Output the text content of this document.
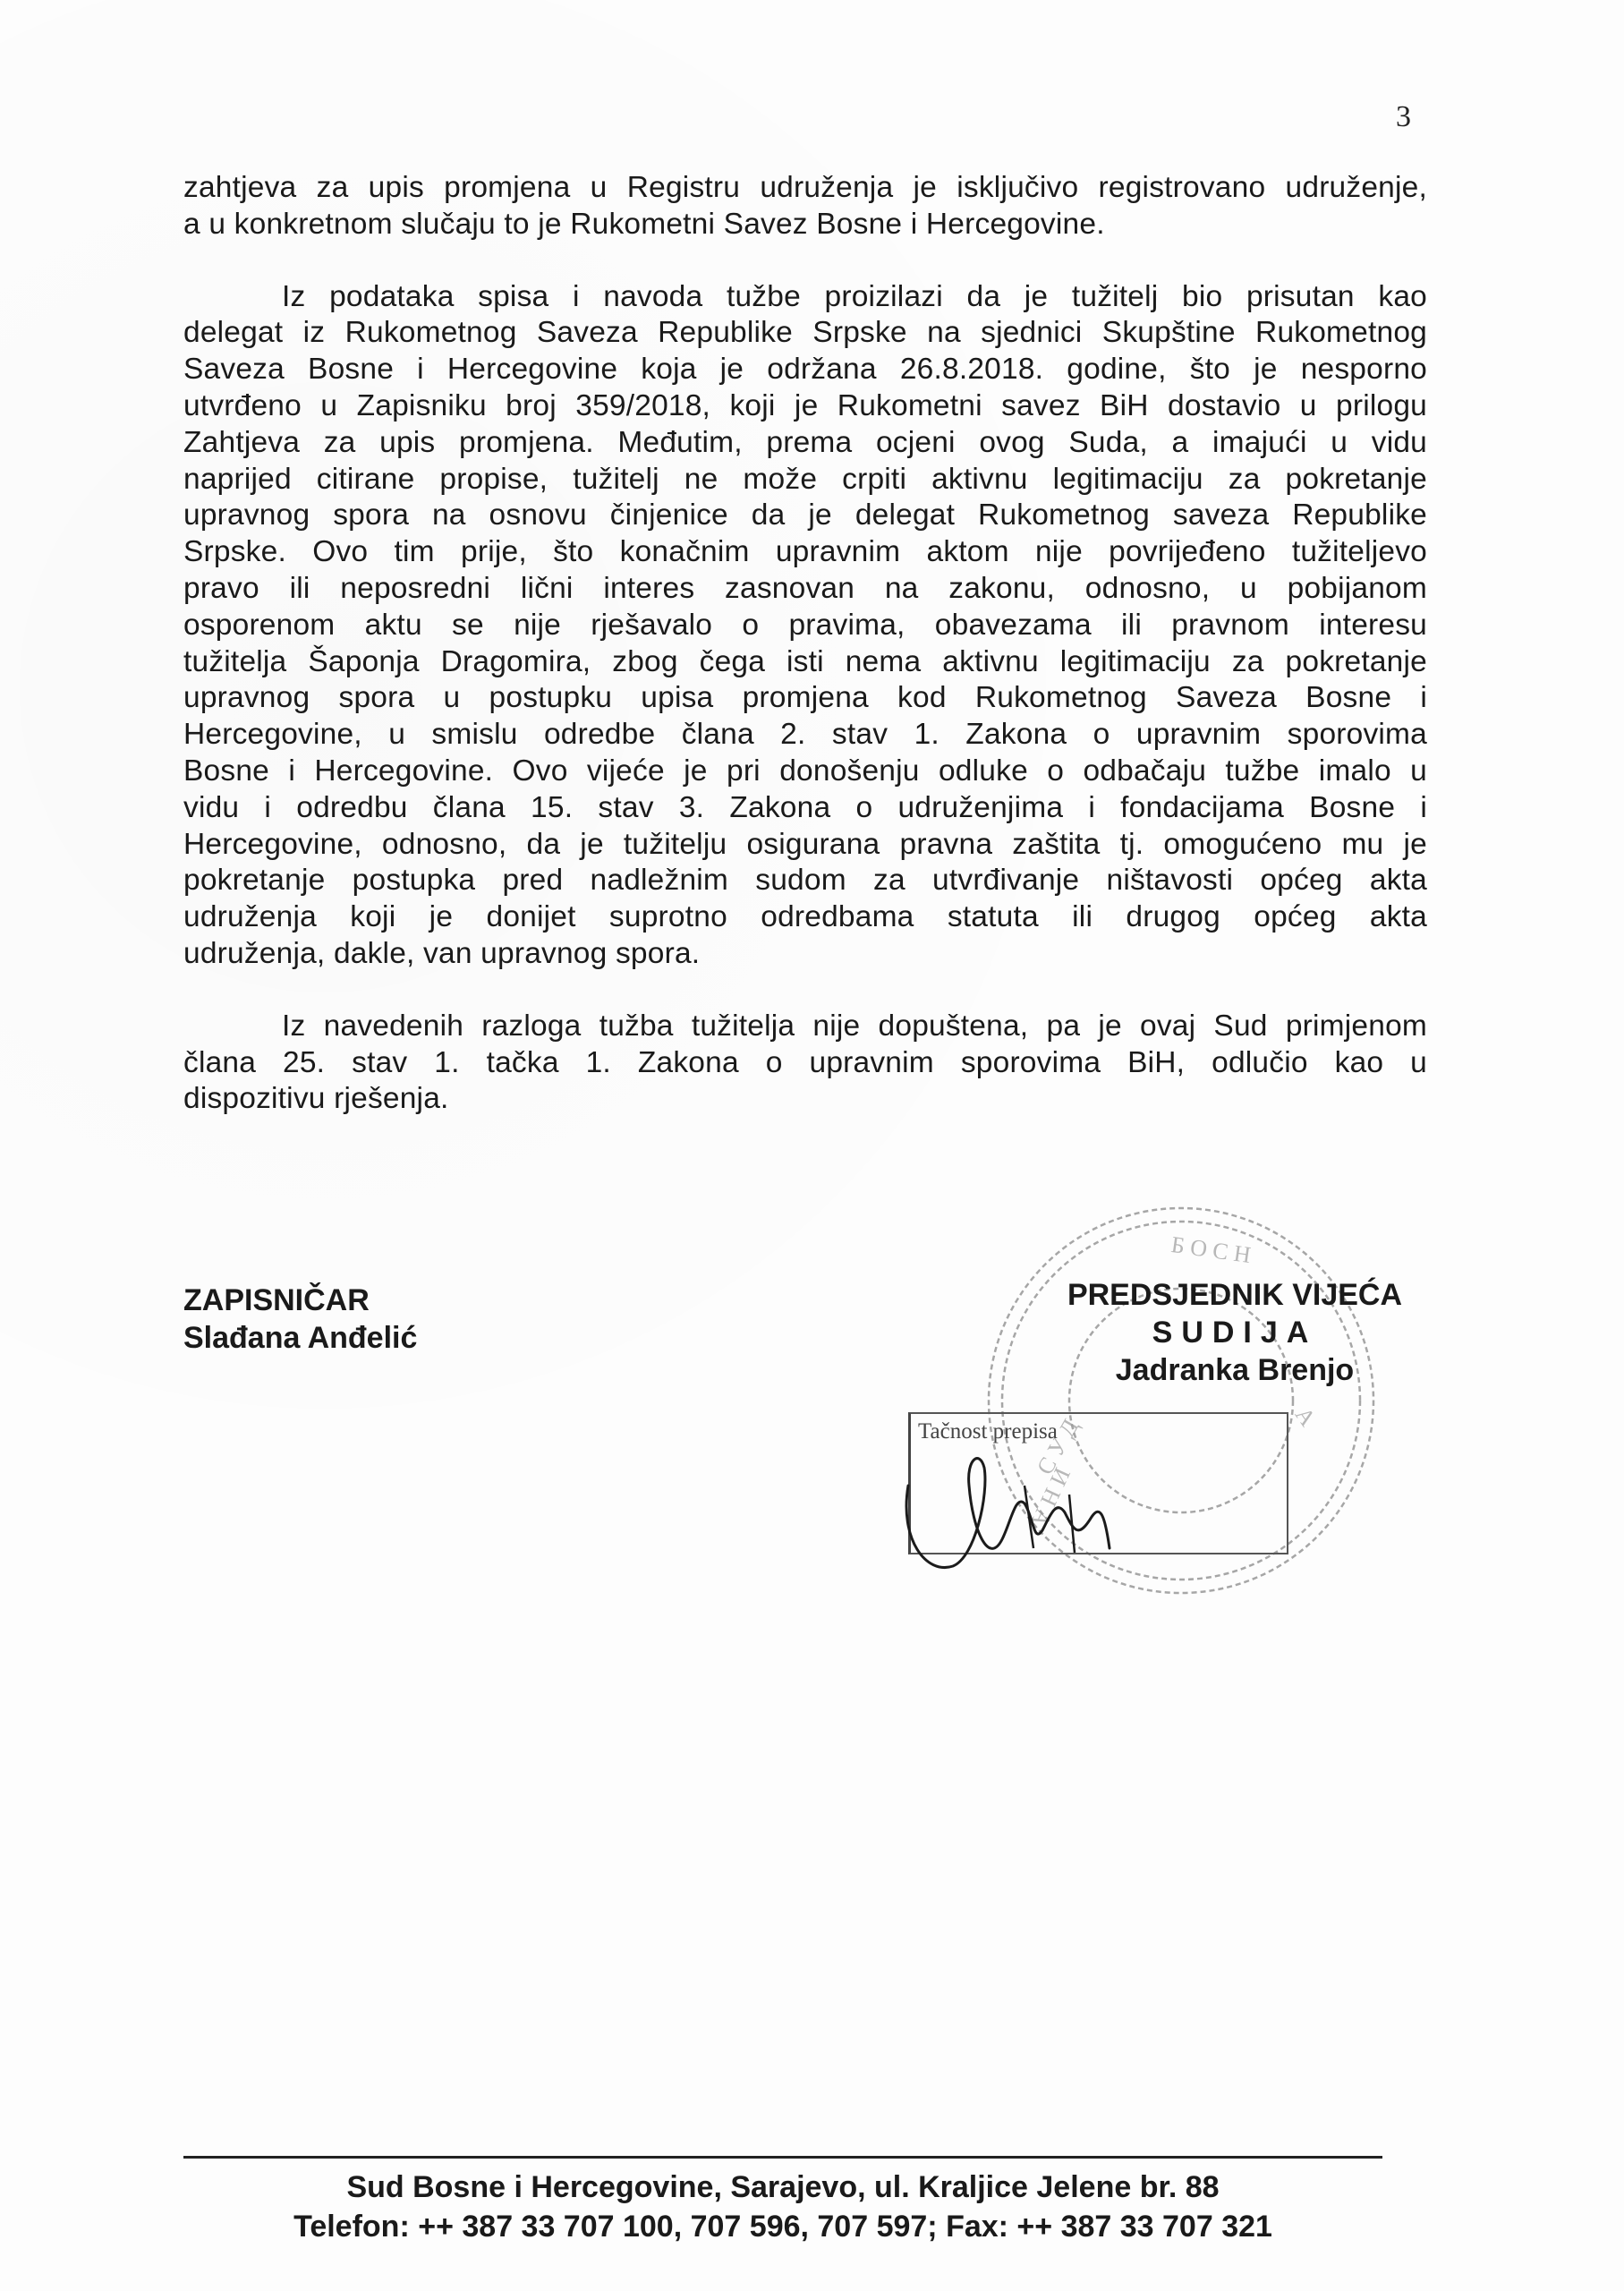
3
zahtjeva za upis promjena u Registru udruženja je isključivo registrovano udruženje,
a u konkretnom slučaju to je Rukometni Savez Bosne i Hercegovine.
Iz podataka spisa i navoda tužbe proizilazi da je tužitelj bio prisutan kao
delegat iz Rukometnog Saveza Republike Srpske na sjednici Skupštine Rukometnog
Saveza Bosne i Hercegovine koja je održana 26.8.2018. godine, što je nesporno
utvrđeno u Zapisniku broj 359/2018, koji je Rukometni savez BiH dostavio u prilogu
Zahtjeva za upis promjena. Međutim, prema ocjeni ovog Suda, a imajući u vidu
naprijed citirane propise, tužitelj ne može crpiti aktivnu legitimaciju za pokretanje
upravnog spora na osnovu činjenice da je delegat Rukometnog saveza Republike
Srpske. Ovo tim prije, što konačnim upravnim aktom nije povrijeđeno tužiteljevo
pravo ili neposredni lični interes zasnovan na zakonu, odnosno, u pobijanom
osporenom aktu se nije rješavalo o pravima, obavezama ili pravnom interesu
tužitelja Šaponja Dragomira, zbog čega isti nema aktivnu legitimaciju za pokretanje
upravnog spora u postupku upisa promjena kod Rukometnog Saveza Bosne i
Hercegovine, u smislu odredbe člana 2. stav 1. Zakona o upravnim sporovima
Bosne i Hercegovine. Ovo vijeće je pri donošenju odluke o odbačaju tužbe imalo u
vidu i odredbu člana 15. stav 3. Zakona o udruženjima i fondacijama Bosne i
Hercegovine, odnosno, da je tužitelju osigurana pravna zaštita tj. omogućeno mu je
pokretanje postupka pred nadležnim sudom za utvrđivanje ništavosti općeg akta
udruženja koji je donijet suprotno odredbama statuta ili drugog općeg akta
udruženja, dakle, van upravnog spora.
Iz navedenih razloga tužba tužitelja nije dopuštena, pa je ovaj Sud primjenom
člana 25. stav 1. tačka 1. Zakona o upravnim sporovima BiH, odlučio kao u
dispozitivu rješenja.
ZAPISNIČAR
Slađana Anđelić
Б О С Н
А
С У Д
И Н А
PREDSJEDNIK VIJEĆA
SUDIJA
Jadranka Brenjo
Tačnost prepisa
Sud Bosne i Hercegovine, Sarajevo, ul. Kraljice Jelene br. 88
Telefon: ++ 387 33 707 100, 707 596, 707 597; Fax: ++ 387 33 707 321
